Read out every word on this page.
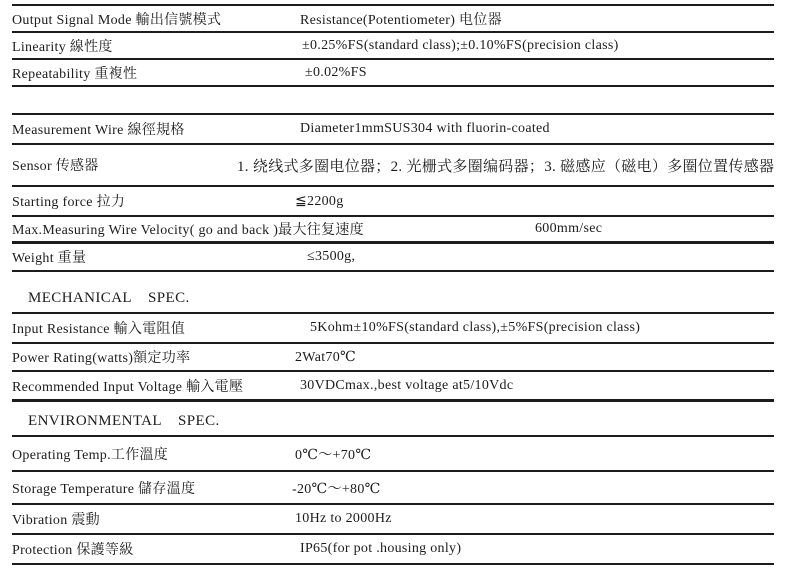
Output Signal Mode 輸出信號模式	Resistance(Potentiometer) 电位器
Linearity 線性度	±0.25%FS(standard class);±0.10%FS(precision class)
Repeatability 重複性	±0.02%FS
Measurement Wire 線徑規格	Diameter1mmSUS304 with fluorin-coated
Sensor 传感器	1. 绕线式多圈电位器；2. 光栅式多圈编码器；3. 磁感应（磁电）多圈位置传感器
Starting force 拉力	≦2200g
Max.Measuring Wire Velocity( go and back )最大往复速度	600mm/sec
Weight 重量	≤3500g,
MECHANICAL    SPEC.
Input Resistance 輸入電阻值	5Kohm±10%FS(standard class),±5%FS(precision class)
Power Rating(watts)額定功率	2Wat70℃
Recommended Input Voltage 輸入電壓	30VDCmax.,best voltage at5/10Vdc
ENVIRONMENTAL    SPEC.
Operating Temp.工作溫度	0℃～+70℃
Storage Temperature 儲存溫度	-20℃～+80℃
Vibration 震動	10Hz to 2000Hz
Protection 保護等級	IP65(for pot .housing only)
